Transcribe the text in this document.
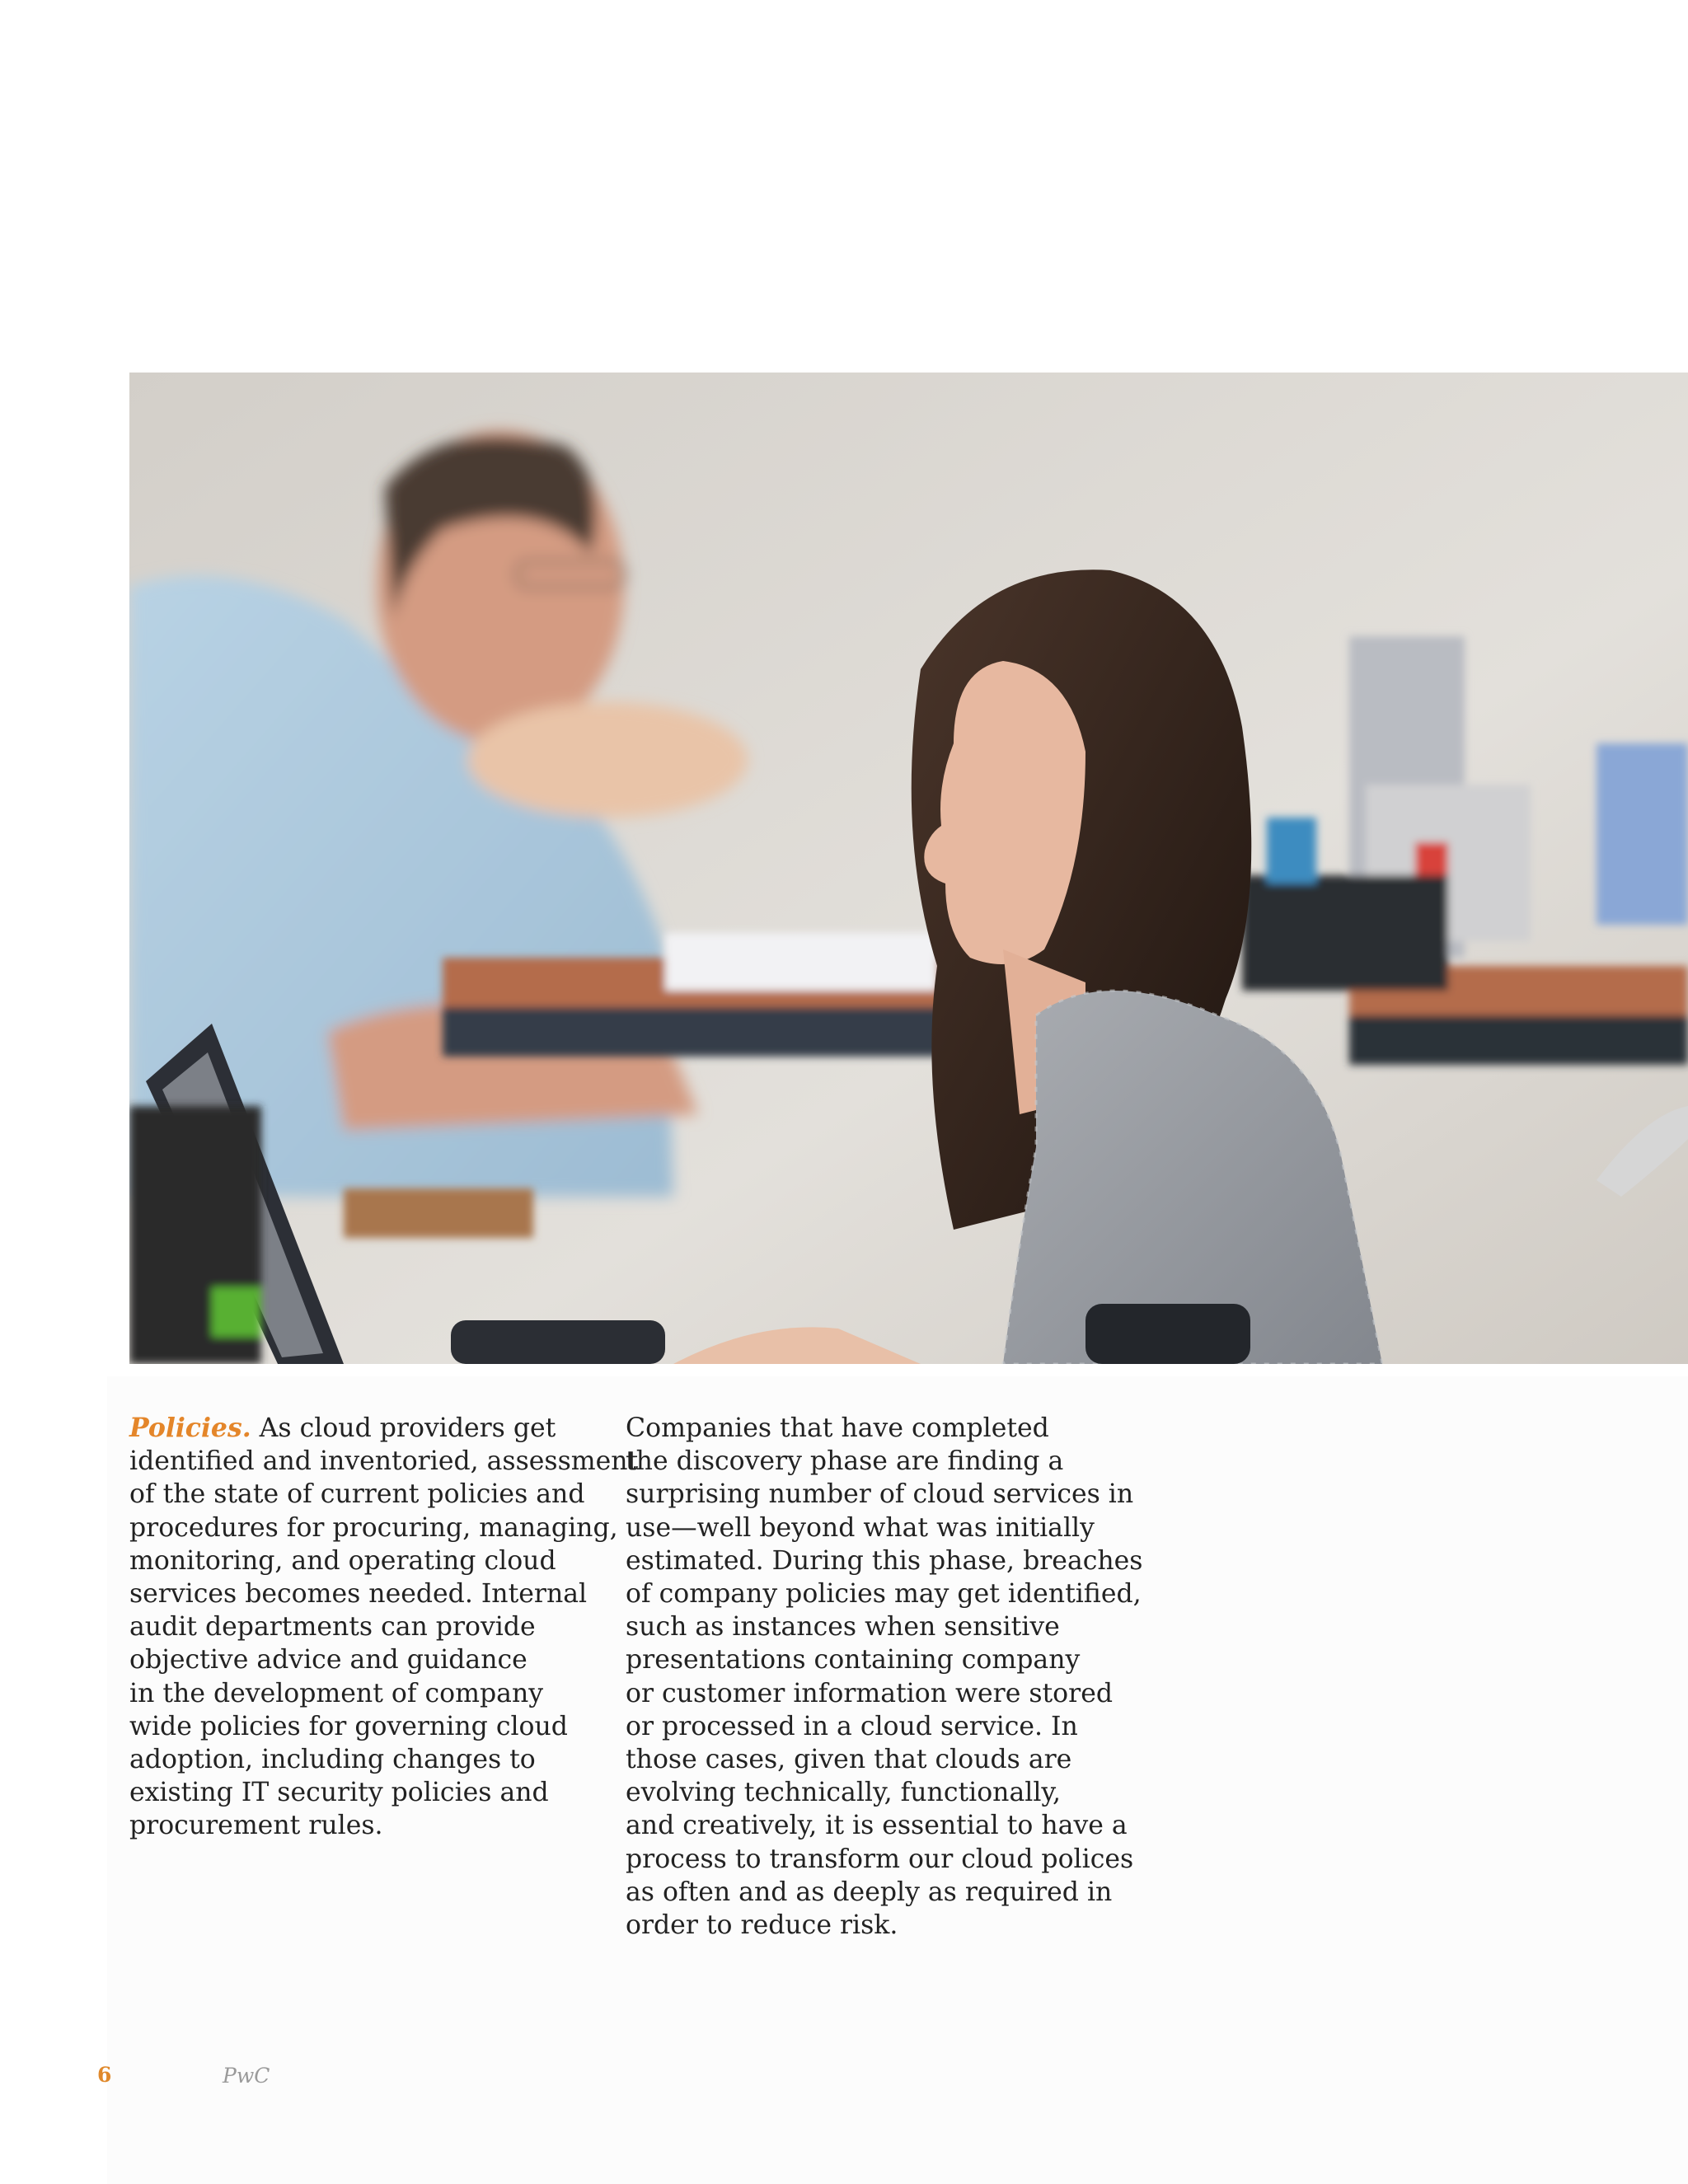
Policies. As cloud providers get
identified and inventoried, assessment
of the state of current policies and
procedures for procuring, managing,
monitoring, and operating cloud
services becomes needed. Internal
audit departments can provide
objective advice and guidance
in the development of company
wide policies for governing cloud
adoption, including changes to
existing IT security policies and
procurement rules.
Companies that have completed
the discovery phase are finding a
surprising number of cloud services in
use—well beyond what was initially
estimated. During this phase, breaches
of company policies may get identified,
such as instances when sensitive
presentations containing company
or customer information were stored
or processed in a cloud service. In
those cases, given that clouds are
evolving technically, functionally,
and creatively, it is essential to have a
process to transform our cloud polices
as often and as deeply as required in
order to reduce risk.
6	PwC
